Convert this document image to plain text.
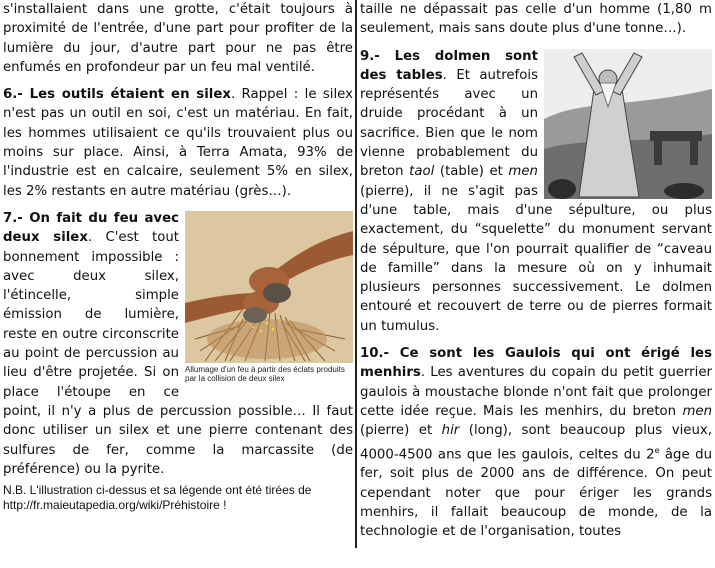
s'installaient dans une grotte, c'était toujours à proximité de l'entrée, d'une part pour profiter de la lumière du jour, d'autre part pour ne pas être enfumés en profondeur par un feu mal ventilé.

6.- Les outils étaient en silex. Rappel : le silex n'est pas un outil en soi, c'est un matériau. En fait, les hommes utilisaient ce qu'ils trouvaient plus ou moins sur place. Ainsi, à Terra Amata, 93% de l'industrie est en calcaire, seulement 5% en silex, les 2% restants en autre matériau (grès…).

Allumage d'un feu à partir des éclats produits par la collision de deux silex

7.- On fait du feu avec deux silex. C'est tout bonnement impossible : avec deux silex, l'étincelle, simple émission de lumière, reste en outre circonscrite au point de percussion au lieu d'être projetée. Si on place l'étoupe en ce point, il n'y a plus de percussion possible… Il faut donc utiliser un silex et une pierre contenant des sulfures de fer, comme la marcassite (de préférence) ou la pyrite.

N.B. L'illustration ci-dessus et sa légende ont été tirées de http://fr.maieutapedia.org/wiki/Préhistoire !

taille ne dépassait pas celle d'un homme (1,80 m seulement, mais sans doute plus d'une tonne…).

9.- Les dolmen sont des tables. Et autrefois représentés avec un druide procédant à un sacrifice. Bien que le nom vienne probablement du breton taol (table) et men (pierre), il ne s'agit pas d'une table, mais d'une sépulture, ou plus exactement, du “squelette” du monument servant de sépulture, que l'on pourrait qualifier de “caveau de famille” dans la mesure où on y inhumait plusieurs personnes successivement. Le dolmen entouré et recouvert de terre ou de pierres formait un tumulus.

10.- Ce sont les Gaulois qui ont érigé les menhirs. Les aventures du copain du petit guerrier gaulois à moustache blonde n'ont fait que prolonger cette idée reçue. Mais les menhirs, du breton men (pierre) et hir (long), sont beaucoup plus vieux, 4000-4500 ans que les gaulois, celtes du 2e âge du fer, soit plus de 2000 ans de différence. On peut cependant noter que pour ériger les grands menhirs, il fallait beaucoup de monde, de la technologie et de l'organisation, toutes
